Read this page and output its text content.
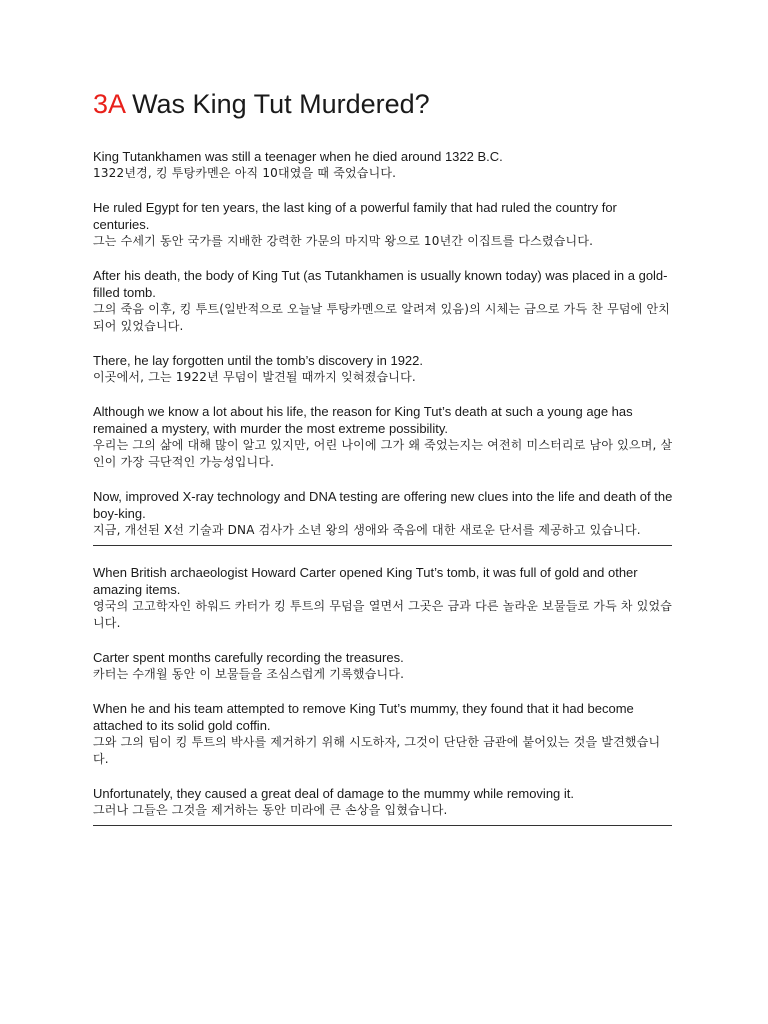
3A Was King Tut Murdered?

King Tutankhamen was still a teenager when he died around 1322 B.C.
1322년경, 킹 투탕카멘은 아직 10대였을 때 죽었습니다.

He ruled Egypt for ten years, the last king of a powerful family that had ruled the country for centuries.
그는 수세기 동안 국가를 지배한 강력한 가문의 마지막 왕으로 10년간 이집트를 다스렸습니다.

After his death, the body of King Tut (as Tutankhamen is usually known today) was placed in a gold-filled tomb.
그의 죽음 이후, 킹 투트(일반적으로 오늘날 투탕카멘으로 알려져 있음)의 시체는 금으로 가득 찬 무덤에 안치되어 있었습니다.

There, he lay forgotten until the tomb’s discovery in 1922.
이곳에서, 그는 1922년 무덤이 발견될 때까지 잊혀졌습니다.

Although we know a lot about his life, the reason for King Tut’s death at such a young age has remained a mystery, with murder the most extreme possibility.
우리는 그의 삶에 대해 많이 알고 있지만, 어린 나이에 그가 왜 죽었는지는 여전히 미스터리로 남아 있으며, 살인이 가장 극단적인 가능성입니다.

Now, improved X-ray technology and DNA testing are offering new clues into the life and death of the boy-king.
지금, 개선된 X선 기술과 DNA 검사가 소년 왕의 생애와 죽음에 대한 새로운 단서를 제공하고 있습니다.

When British archaeologist Howard Carter opened King Tut’s tomb, it was full of gold and other amazing items.
영국의 고고학자인 하워드 카터가 킹 투트의 무덤을 열면서 그곳은 금과 다른 놀라운 보물들로 가득 차 있었습니다.

Carter spent months carefully recording the treasures.
카터는 수개월 동안 이 보물들을 조심스럽게 기록했습니다.

When he and his team attempted to remove King Tut’s mummy, they found that it had become attached to its solid gold coffin.
그와 그의 팀이 킹 투트의 박사를 제거하기 위해 시도하자, 그것이 단단한 금관에 붙어있는 것을 발견했습니다.

Unfortunately, they caused a great deal of damage to the mummy while removing it.
그러나 그들은 그것을 제거하는 동안 미라에 큰 손상을 입혔습니다.
